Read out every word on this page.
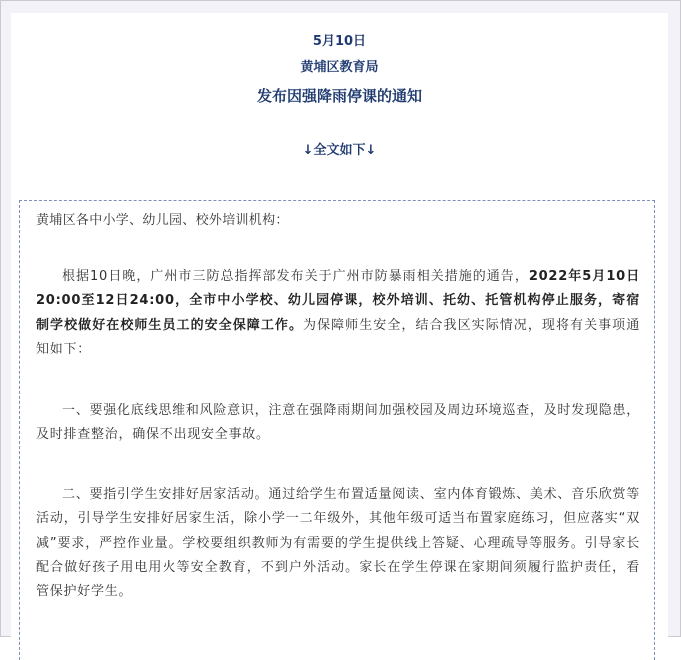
5月10日
黄埔区教育局
发布因强降雨停课的通知
↓全文如下↓
黄埔区各中小学、幼儿园、校外培训机构：
根据10日晚，广州市三防总指挥部发布关于广州市防暴雨相关措施的通告，2022年5月10日20:00至12日24:00，全市中小学校、幼儿园停课，校外培训、托幼、托管机构停止服务，寄宿制学校做好在校师生员工的安全保障工作。为保障师生安全，结合我区实际情况，现将有关事项通知如下：
一、要强化底线思维和风险意识，注意在强降雨期间加强校园及周边环境巡查，及时发现隐患，及时排查整治，确保不出现安全事故。
二、要指引学生安排好居家活动。通过给学生布置适量阅读、室内体育锻炼、美术、音乐欣赏等活动，引导学生安排好居家生活，除小学一二年级外，其他年级可适当布置家庭练习，但应落实“双减”要求，严控作业量。学校要组织教师为有需要的学生提供线上答疑、心理疏导等服务。引导家长配合做好孩子用电用火等安全教育，不到户外活动。家长在学生停课在家期间须履行监护责任，看管保护好学生。
